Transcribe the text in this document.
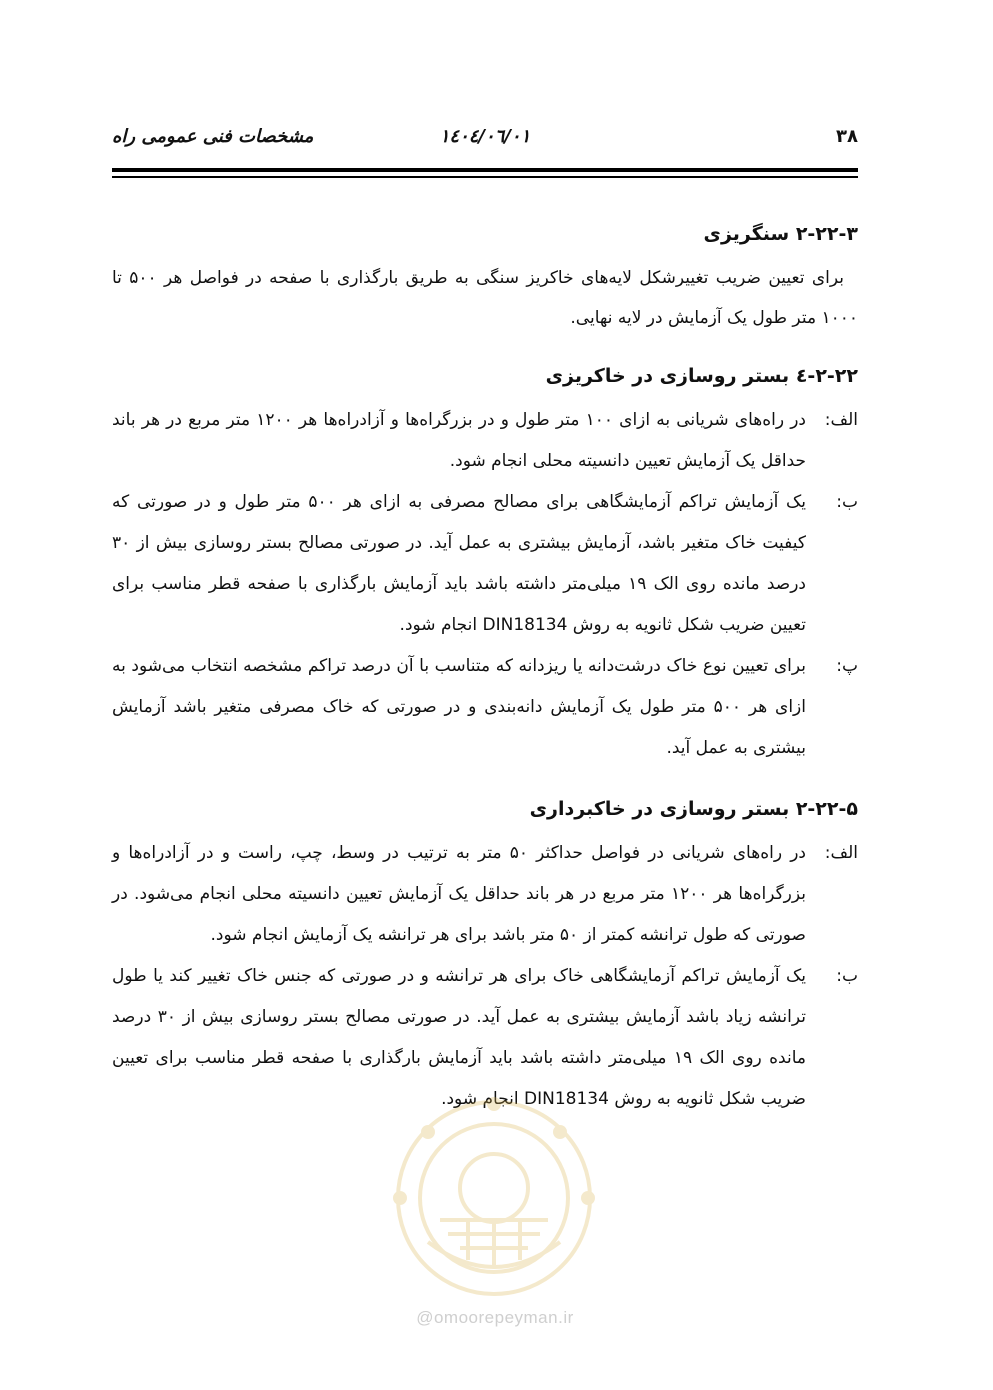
۳۸
۱٤۰٤/۰٦/۰۱
مشخصات فنی عمومی راه
۲-۲۲-۳ سنگریزی

برای تعیین ضریب تغییرشکل لایه‌های خاکریز سنگی به طریق بارگذاری با صفحه در فواصل هر ۵۰۰ تا ۱۰۰۰ متر طول یک آزمایش در لایه نهایی.

۲-۲۲-٤ بستر روسازی در خاکریزی
الف:
در راه‌های شریانی به ازای ۱۰۰ متر طول و در بزرگراه‌ها و آزادراه‌ها هر ۱۲۰۰ متر مربع در هر باند حداقل یک آزمایش تعیین دانسیته محلی انجام شود.
ب:
یک آزمایش تراکم آزمایشگاهی برای مصالح مصرفی به ازای هر ۵۰۰ متر طول و در صورتی که کیفیت خاک متغیر باشد، آزمایش بیشتری به عمل آید. در صورتی مصالح بستر روسازی بیش از ۳۰ درصد مانده روی الک ۱۹ میلی‌متر داشته باشد باید آزمایش بارگذاری با صفحه قطر مناسب برای تعیین ضریب شکل ثانویه به روش DIN18134 انجام شود.
پ:
برای تعیین نوع خاک درشت‌دانه یا ریزدانه که متناسب با آن درصد تراکم مشخصه انتخاب می‌شود به ازای هر ۵۰۰ متر طول یک آزمایش دانه‌بندی و در صورتی که خاک مصرفی متغیر باشد آزمایش بیشتری به عمل آید.
۲-۲۲-۵ بستر روسازی در خاکبرداری
الف:
در راه‌های شریانی در فواصل حداکثر ۵۰ متر به ترتیب در وسط، چپ، راست و در آزادراه‌ها و بزرگراه‌ها هر ۱۲۰۰ متر مربع در هر باند حداقل یک آزمایش تعیین دانسیته محلی انجام می‌شود. در صورتی که طول ترانشه کمتر از ۵۰ متر باشد برای هر ترانشه یک آزمایش انجام شود.
ب:
یک آزمایش تراکم آزمایشگاهی خاک برای هر ترانشه و در صورتی که جنس خاک تغییر کند یا طول ترانشه زیاد باشد آزمایش بیشتری به عمل آید. در صورتی مصالح بستر روسازی بیش از ۳۰ درصد مانده روی الک ۱۹ میلی‌متر داشته باشد باید آزمایش بارگذاری با صفحه قطر مناسب برای تعیین ضریب شکل ثانویه به روش DIN18134 انجام شود.
@omoorepeyman.ir
